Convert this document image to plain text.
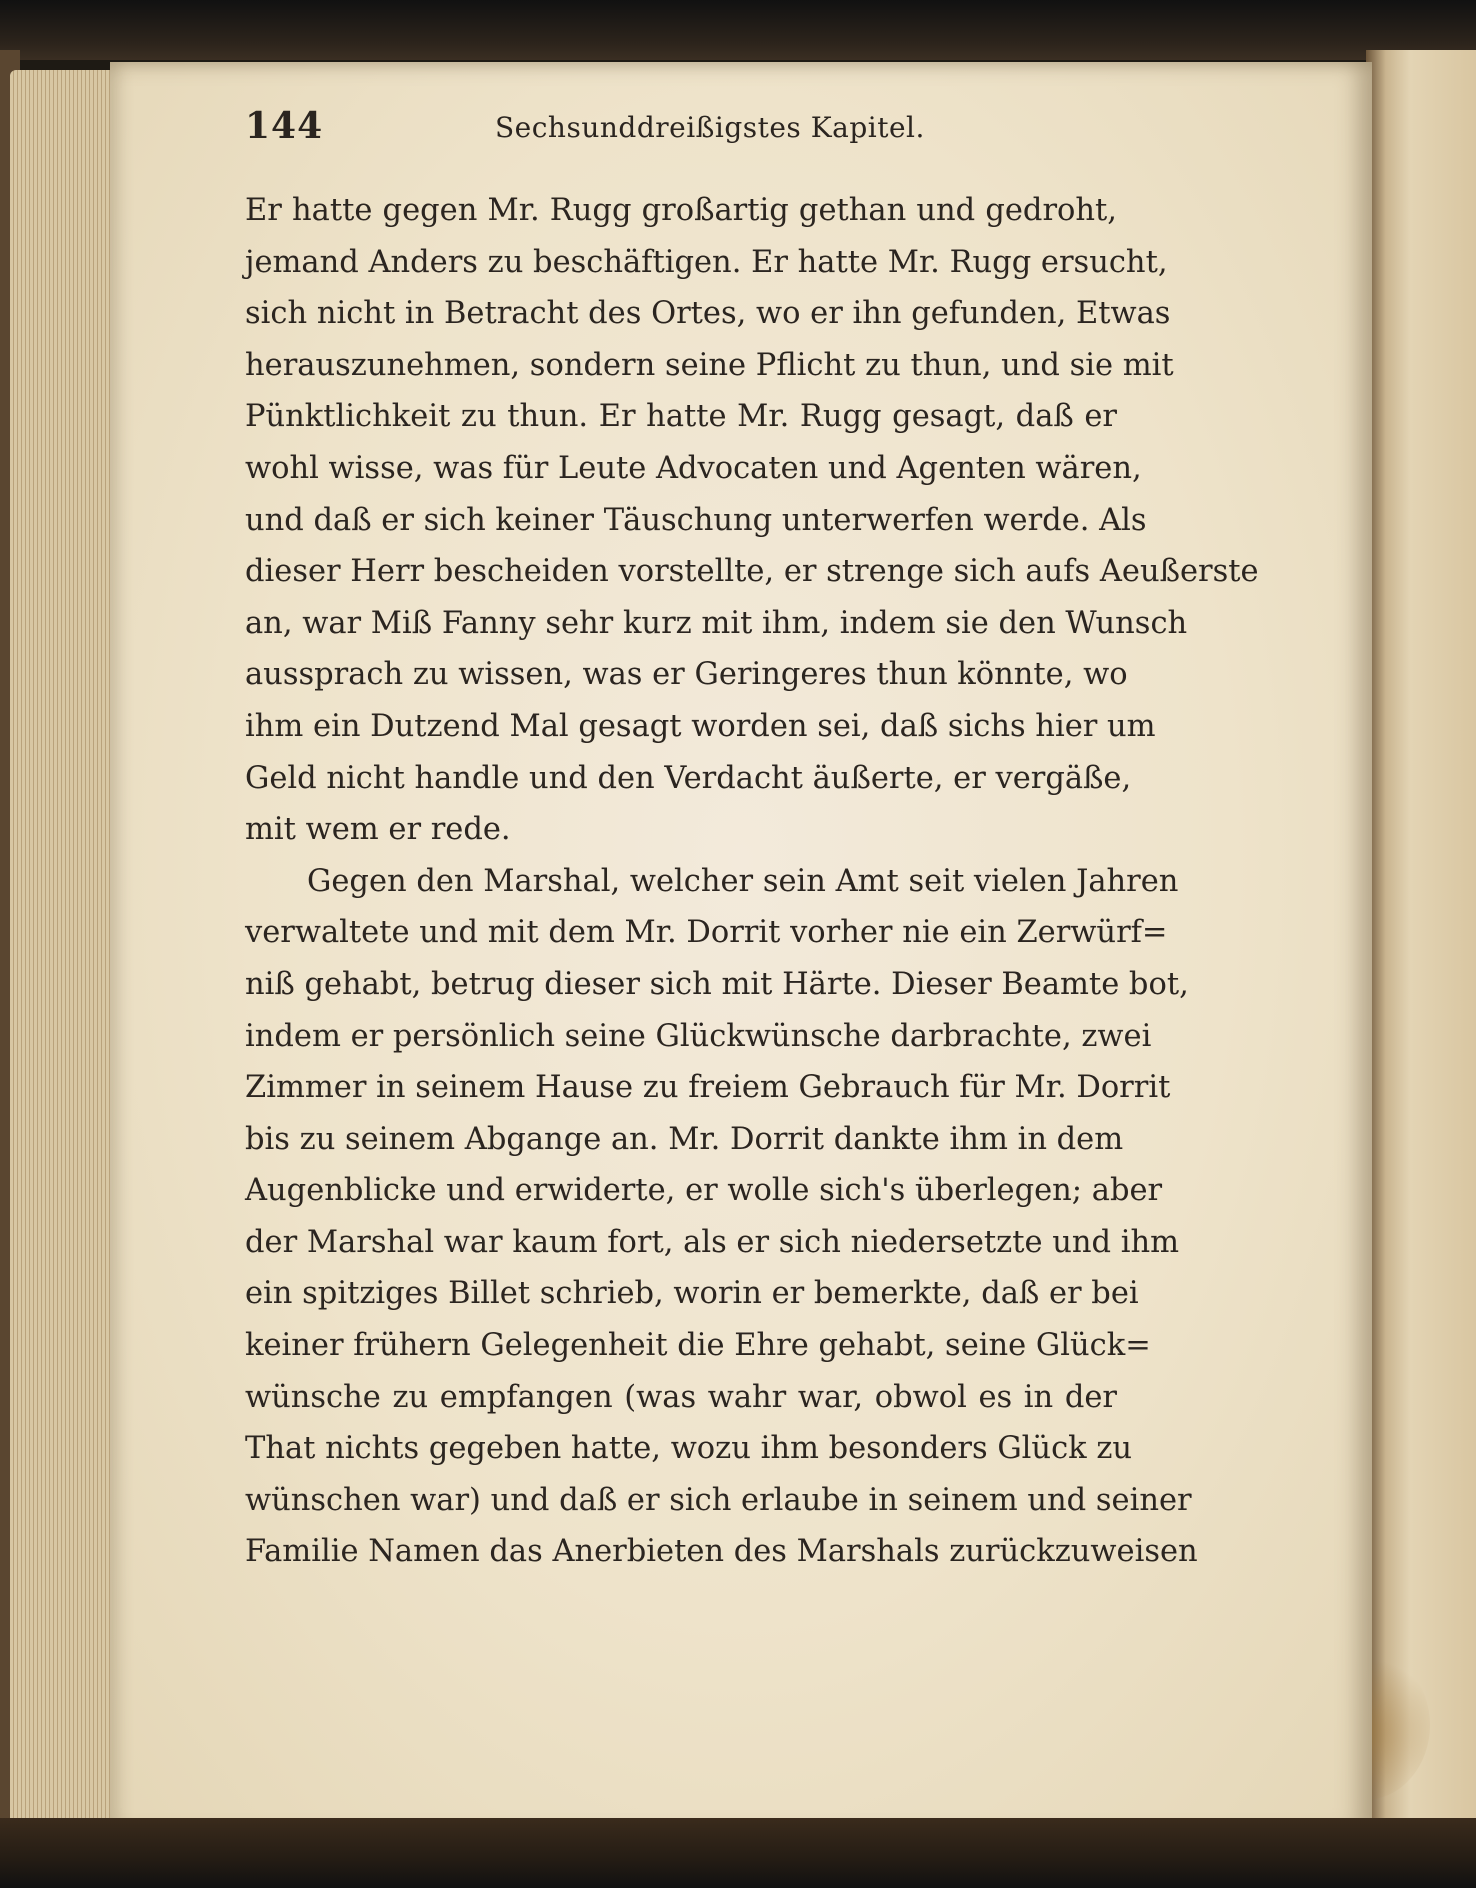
144	Sechsunddreißigstes Kapitel.
Er hatte gegen Mr. Rugg großartig gethan und gedroht,
jemand Anders zu beschäftigen. Er hatte Mr. Rugg ersucht,
sich nicht in Betracht des Ortes, wo er ihn gefunden, Etwas
herauszunehmen, sondern seine Pflicht zu thun, und sie mit
Pünktlichkeit zu thun. Er hatte Mr. Rugg gesagt, daß er
wohl wisse, was für Leute Advocaten und Agenten wären,
und daß er sich keiner Täuschung unterwerfen werde. Als
dieser Herr bescheiden vorstellte, er strenge sich aufs Aeußerste
an, war Miß Fanny sehr kurz mit ihm, indem sie den Wunsch
aussprach zu wissen, was er Geringeres thun könnte, wo
ihm ein Dutzend Mal gesagt worden sei, daß sichs hier um
Geld nicht handle und den Verdacht äußerte, er vergäße,
mit wem er rede.
Gegen den Marshal, welcher sein Amt seit vielen Jahren
verwaltete und mit dem Mr. Dorrit vorher nie ein Zerwürf=
niß gehabt, betrug dieser sich mit Härte. Dieser Beamte bot,
indem er persönlich seine Glückwünsche darbrachte, zwei
Zimmer in seinem Hause zu freiem Gebrauch für Mr. Dorrit
bis zu seinem Abgange an. Mr. Dorrit dankte ihm in dem
Augenblicke und erwiderte, er wolle sich's überlegen; aber
der Marshal war kaum fort, als er sich niedersetzte und ihm
ein spitziges Billet schrieb, worin er bemerkte, daß er bei
keiner frühern Gelegenheit die Ehre gehabt, seine Glück=
wünsche zu empfangen (was wahr war, obwol es in der
That nichts gegeben hatte, wozu ihm besonders Glück zu
wünschen war) und daß er sich erlaube in seinem und seiner
Familie Namen das Anerbieten des Marshals zurückzuweisen
